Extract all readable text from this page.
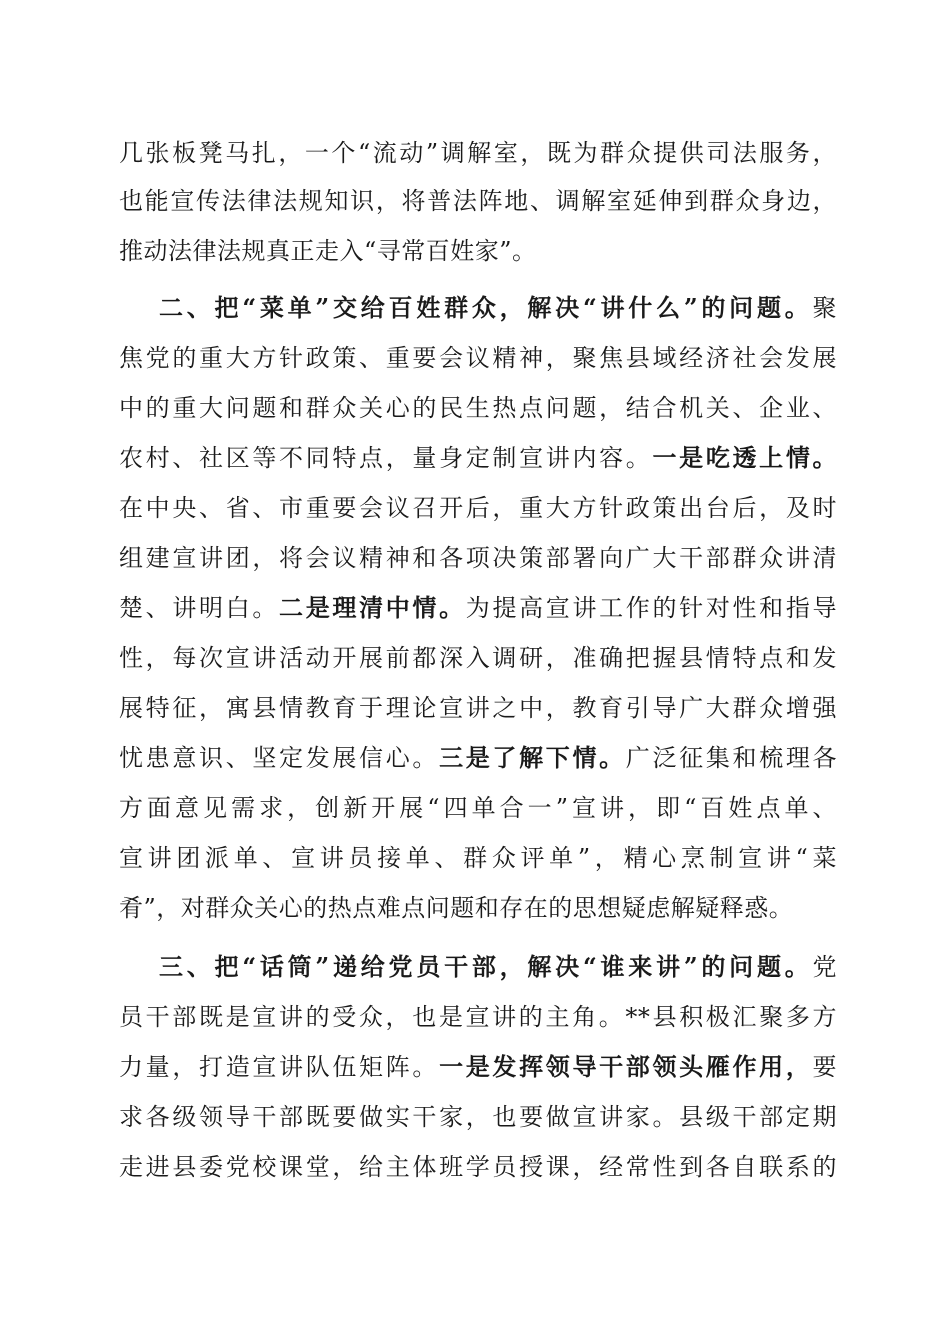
几张板凳马扎，一个“流动”调解室，既为群众提供司法服务，
也能宣传法律法规知识，将普法阵地、调解室延伸到群众身边，
推动法律法规真正走入“寻常百姓家”。
二、把“菜单”交给百姓群众，解决“讲什么”的问题。聚
焦党的重大方针政策、重要会议精神，聚焦县域经济社会发展
中的重大问题和群众关心的民生热点问题，结合机关、企业、
农村、社区等不同特点，量身定制宣讲内容。一是吃透上情。
在中央、省、市重要会议召开后，重大方针政策出台后，及时
组建宣讲团，将会议精神和各项决策部署向广大干部群众讲清
楚、讲明白。二是理清中情。为提高宣讲工作的针对性和指导
性，每次宣讲活动开展前都深入调研，准确把握县情特点和发
展特征，寓县情教育于理论宣讲之中，教育引导广大群众增强
忧患意识、坚定发展信心。三是了解下情。广泛征集和梳理各
方面意见需求，创新开展“四单合一”宣讲，即“百姓点单、
宣讲团派单、宣讲员接单、群众评单”，精心烹制宣讲“菜
肴”，对群众关心的热点难点问题和存在的思想疑虑解疑释惑。
三、把“话筒”递给党员干部，解决“谁来讲”的问题。党
员干部既是宣讲的受众，也是宣讲的主角。**县积极汇聚多方
力量，打造宣讲队伍矩阵。一是发挥领导干部领头雁作用，要
求各级领导干部既要做实干家，也要做宣讲家。县级干部定期
走进县委党校课堂，给主体班学员授课，经常性到各自联系的
